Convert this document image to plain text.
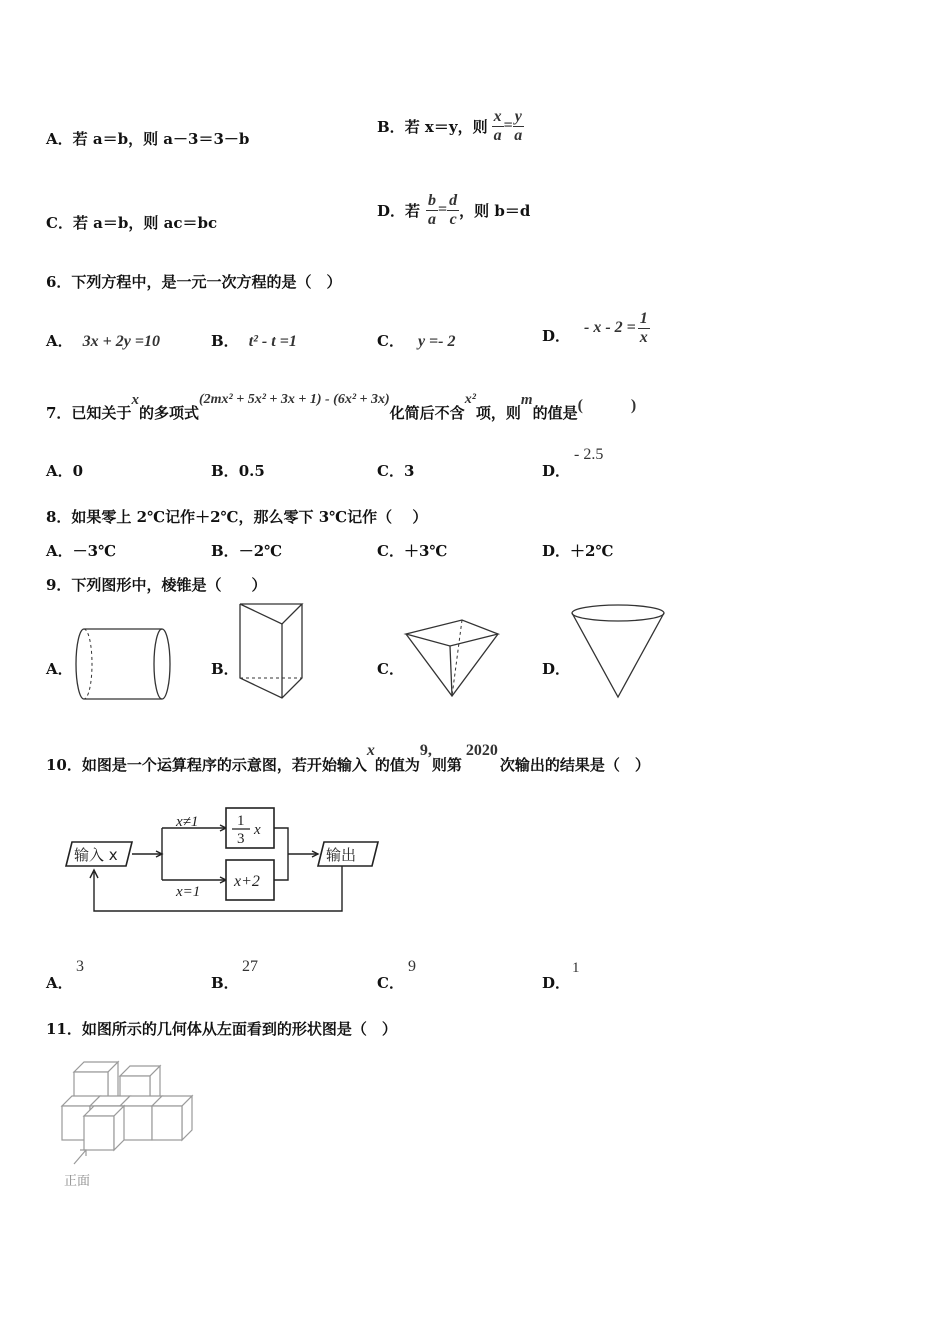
A．若 a＝b，则 a－3＝3－b
B． 若 x＝y，则 $\frac{x}{a} = \frac{y}{a}$
C．若 a＝b，则 ac＝bc
D． 若 $\frac{b}{a} = \frac{d}{c}$ ，则 b＝d
6．下列方程中，是一元一次方程的是（　）
A． 3x + 2y =10	B． t² - t =1	C． y =- 2	D． - $x - 2 = \frac{1}{x}$
7．已知关于
x
的多项式
(2mx² + 5x² + 3x + 1) - (6x² + 3x)
化简后不含
x²
项，则
m
的值是 (　　　)
A．0	B．0.5	C．3	D．
- 2.5
8．如果零上 2℃记作＋2℃，那么零下 3℃记作（　 ）
A．－3℃	B．－2℃	C．＋3℃	D．＋2℃
9．下列图形中，棱锥是（　　）
A．	B．	C．	D．
10．如图是一个运算程序的示意图，若开始输入
x
的值为
9,
则第
2020
次输出的结果是（　）
输入 x
x≠1
x=1
1
3
x
x+2
输出
A．
3
B．
27
C．
9
D．
1
11．如图所示的几何体从左面看到的形状图是（　）
正面
